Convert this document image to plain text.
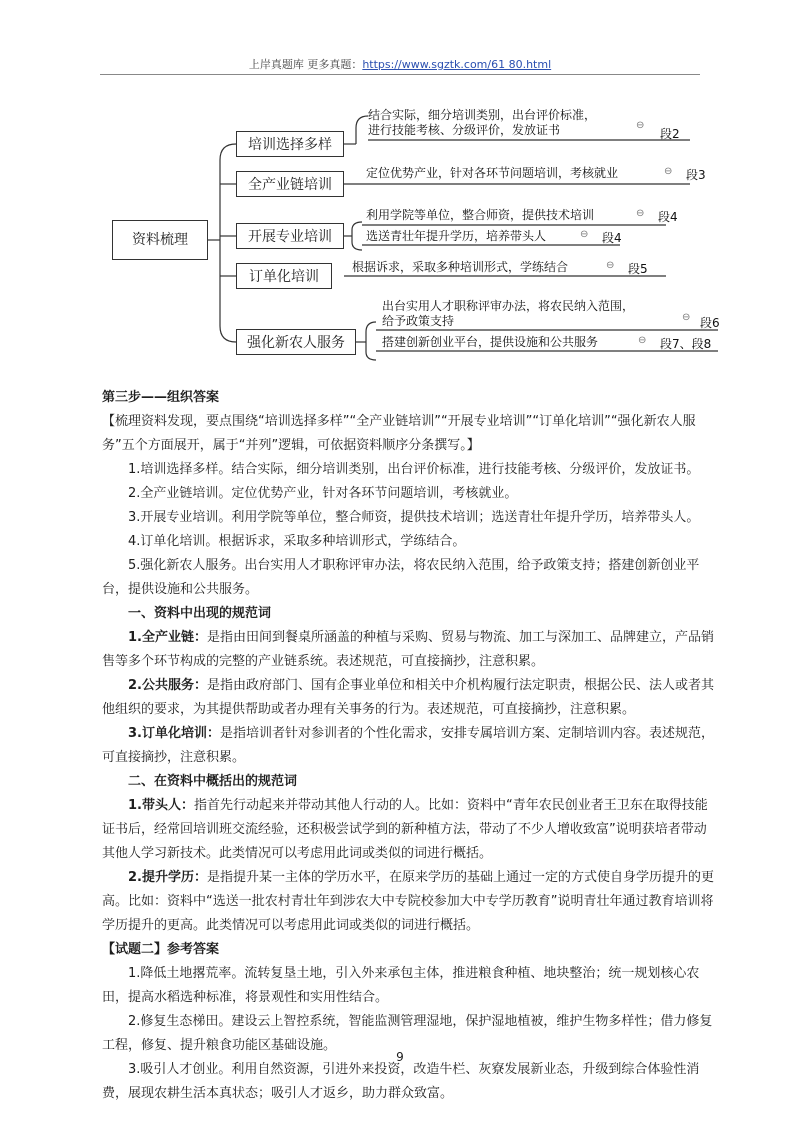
上岸真题库 更多真题：https://www.sgztk.com/61 80.html
资料梳理
培训选择多样
全产业链培训
开展专业培训
订单化培训
强化新农人服务
结合实际，细分培训类别，出台评价标准，
进行技能考核、分级评价，发放证书	⊖
段2
定位优势产业，针对各环节问题培训，考核就业	⊖ 段3
利用学院等单位，整合师资，提供技术培训	⊖ 段4
选送青壮年提升学历，培养带头人	⊖ 段4
根据诉求，采取多种培训形式，学练结合	⊖ 段5
出台实用人才职称评审办法，将农民纳入范围，
给予政策支持	⊖ 段6
搭建创新创业平台，提供设施和公共服务	⊖ 段7、段8

第三步——组织答案

【梳理资料发现，要点围绕“培训选择多样”“全产业链培训”“开展专业培训”“订单化培训”“强化新农人服务”五个方面展开，属于“并列”逻辑，可依据资料顺序分条撰写。】

1.培训选择多样。结合实际，细分培训类别，出台评价标准，进行技能考核、分级评价，发放证书。

2.全产业链培训。定位优势产业，针对各环节问题培训，考核就业。

3.开展专业培训。利用学院等单位，整合师资，提供技术培训；选送青壮年提升学历，培养带头人。

4.订单化培训。根据诉求，采取多种培训形式，学练结合。

5.强化新农人服务。出台实用人才职称评审办法，将农民纳入范围，给予政策支持；搭建创新创业平台，提供设施和公共服务。

一、资料中出现的规范词

1.全产业链：是指由田间到餐桌所涵盖的种植与采购、贸易与物流、加工与深加工、品牌建立，产品销售等多个环节构成的完整的产业链系统。表述规范，可直接摘抄，注意积累。

2.公共服务：是指由政府部门、国有企事业单位和相关中介机构履行法定职责，根据公民、法人或者其他组织的要求，为其提供帮助或者办理有关事务的行为。表述规范，可直接摘抄，注意积累。

3.订单化培训：是指培训者针对参训者的个性化需求，安排专属培训方案、定制培训内容。表述规范，可直接摘抄，注意积累。

二、在资料中概括出的规范词

1.带头人：指首先行动起来并带动其他人行动的人。比如：资料中“青年农民创业者王卫东在取得技能证书后，经常回培训班交流经验，还积极尝试学到的新种植方法，带动了不少人增收致富”说明获培者带动其他人学习新技术。此类情况可以考虑用此词或类似的词进行概括。

2.提升学历：是指提升某一主体的学历水平，在原来学历的基础上通过一定的方式使自身学历提升的更高。比如：资料中“选送一批农村青壮年到涉农大中专院校参加大中专学历教育”说明青壮年通过教育培训将学历提升的更高。此类情况可以考虑用此词或类似的词进行概括。

【试题二】参考答案

1.降低土地撂荒率。流转复垦土地，引入外来承包主体，推进粮食种植、地块整治；统一规划核心农田，提高水稻选种标准，将景观性和实用性结合。

2.修复生态梯田。建设云上智控系统，智能监测管理湿地，保护湿地植被，维护生物多样性；借力修复工程，修复、提升粮食功能区基础设施。

3.吸引人才创业。利用自然资源，引进外来投资，改造牛栏、灰寮发展新业态，升级到综合体验性消费，展现农耕生活本真状态；吸引人才返乡，助力群众致富。

9
